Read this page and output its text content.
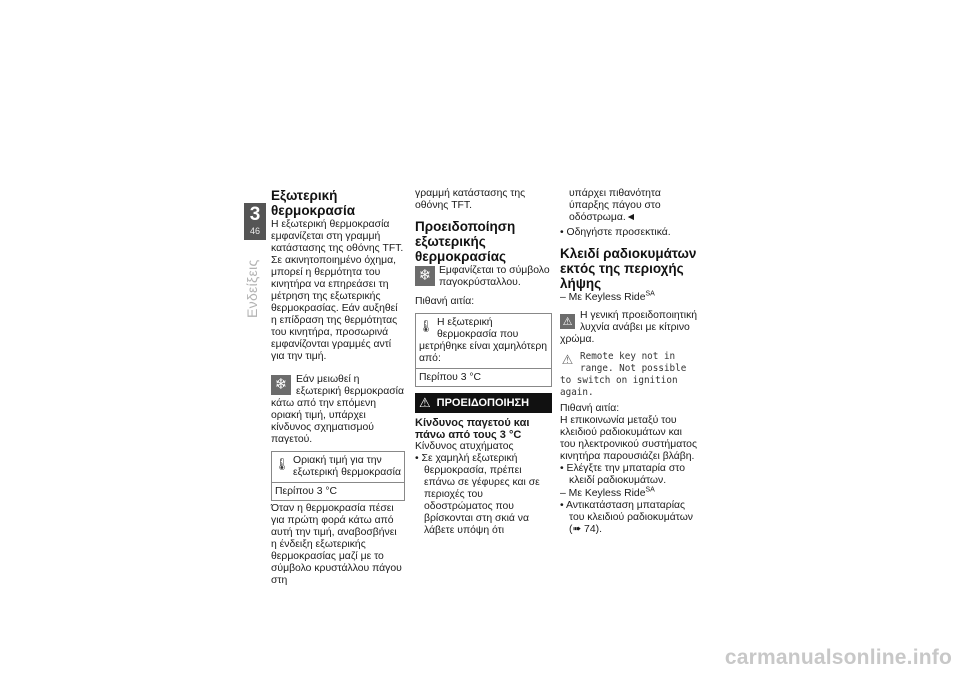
3
46
Ενδείξεις
Εξωτερική θερμοκρασία

Η εξωτερική θερμοκρασία εμφανίζεται στη γραμμή κατάστασης της οθόνης TFT.

Σε ακινητοποιημένο όχημα, μπορεί η θερμότητα του κινητήρα να επηρεάσει τη μέτρηση της εξωτερικής θερμοκρασίας. Εάν αυξηθεί η επίδραση της θερμότητας του κινητήρα, προσωρινά εμφανίζονται γραμμές αντί για την τιμή.

❄ Εάν μειωθεί η εξωτερική θερμοκρασία κάτω από την επόμενη οριακή τιμή, υπάρχει κίνδυνος σχηματισμού παγετού.
🌡 Οριακή τιμή για την εξωτερική θερμοκρασία
Περίπου 3 °C

Όταν η θερμοκρασία πέσει για πρώτη φορά κάτω από αυτή την τιμή, αναβοσβήνει η ένδειξη εξωτερικής θερμοκρασίας μαζί με το σύμβολο κρυστάλλου πάγου στη

γραμμή κατάστασης της οθόνης TFT.

Προειδοποίηση εξωτερικής θερμοκρασίας
❄ Εμφανίζεται το σύμβολο παγοκρύσταλλου.

Πιθανή αιτία:

🌡 Η εξωτερική θερμοκρασία που μετρήθηκε είναι χαμηλότερη από:
Περίπου 3 °C
⚠ ΠΡΟΕΙΔΟΠΟΙΗΣΗ
Κίνδυνος παγετού και πάνω από τους 3 °C

Κίνδυνος ατυχήματος

• Σε χαμηλή εξωτερική θερμοκρασία, πρέπει επάνω σε γέφυρες και σε περιοχές του οδοστρώματος που βρίσκονται στη σκιά να λάβετε υπόψη ότι

υπάρχει πιθανότητα ύπαρξης πάγου στο οδόστρωμα.◄

• Οδηγήστε προσεκτικά.
Κλειδί ραδιοκυμάτων εκτός της περιοχής λήψης

– Με Keyless Ride$^{SA}$

⚠ Η γενική προειδοποιητική λυχνία ανάβει με κίτρινο χρώμα.
⚠ Remote key not in range. Not possible to switch on ignition again.

Πιθανή αιτία:

Η επικοινωνία μεταξύ του κλειδιού ραδιοκυμάτων και του ηλεκτρονικού συστήματος κινητήρα παρουσιάζει βλάβη.

• Ελέγξτε την μπαταρία στο κλειδί ραδιοκυμάτων.

– Με Keyless Ride$^{SA}$

• Αντικατάσταση μπαταρίας του κλειδιού ραδιοκυμάτων (➠ 74).
carmanualsonline.info
